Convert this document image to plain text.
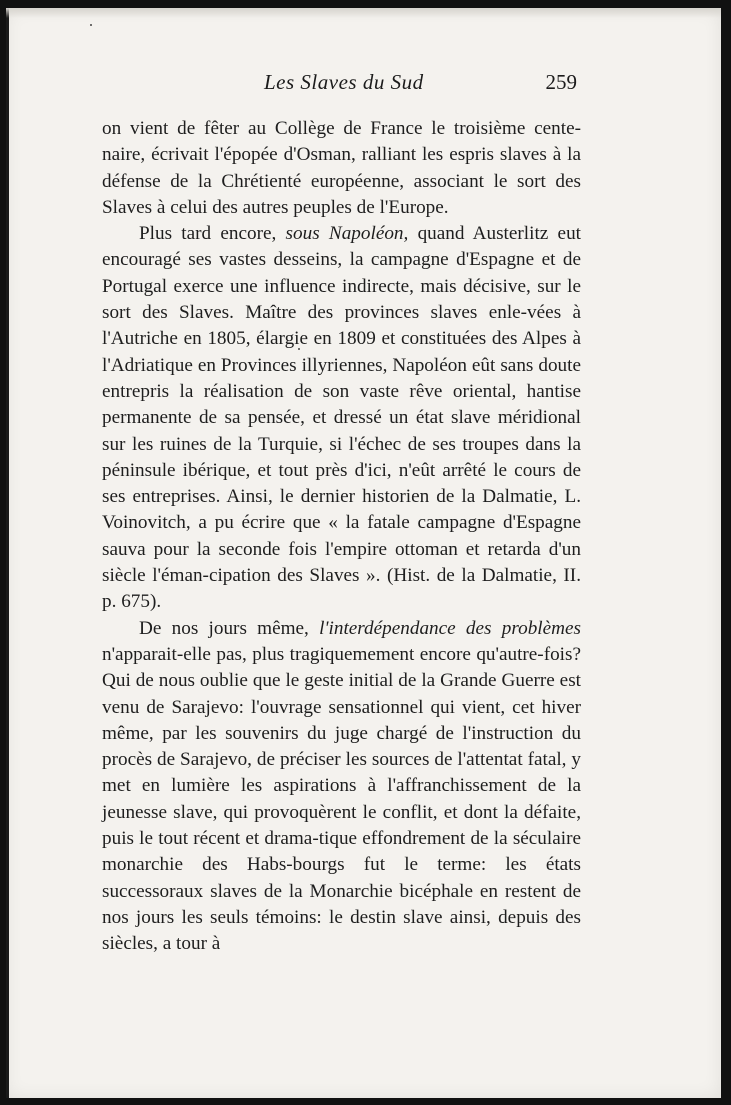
Les Slaves du Sud	259

on vient de fêter au Collège de France le troisième cente-naire, écrivait l'épopée d'Osman, ralliant les espris slaves à la défense de la Chrétienté européenne, associant le sort des Slaves à celui des autres peuples de l'Europe.

Plus tard encore, sous Napoléon, quand Austerlitz eut encouragé ses vastes desseins, la campagne d'Espagne et de Portugal exerce une influence indirecte, mais décisive, sur le sort des Slaves. Maître des provinces slaves enle-vées à l'Autriche en 1805, élargie en 1809 et constituées des Alpes à l'Adriatique en Provinces illyriennes, Napoléon eût sans doute entrepris la réalisation de son vaste rêve oriental, hantise permanente de sa pensée, et dressé un état slave méridional sur les ruines de la Turquie, si l'échec de ses troupes dans la péninsule ibérique, et tout près d'ici, n'eût arrêté le cours de ses entreprises. Ainsi, le dernier historien de la Dalmatie, L. Voinovitch, a pu écrire que « la fatale campagne d'Espagne sauva pour la seconde fois l'empire ottoman et retarda d'un siècle l'éman-cipation des Slaves ». (Hist. de la Dalmatie, II. p. 675).

De nos jours même, l'interdépendance des problèmes n'apparait-elle pas, plus tragiquemement encore qu'autre-fois? Qui de nous oublie que le geste initial de la Grande Guerre est venu de Sarajevo: l'ouvrage sensationnel qui vient, cet hiver même, par les souvenirs du juge chargé de l'instruction du procès de Sarajevo, de préciser les sources de l'attentat fatal, y met en lumière les aspirations à l'affranchissement de la jeunesse slave, qui provoquèrent le conflit, et dont la défaite, puis le tout récent et drama-tique effondrement de la séculaire monarchie des Habs-bourgs fut le terme: les états successoraux slaves de la Monarchie bicéphale en restent de nos jours les seuls témoins: le destin slave ainsi, depuis des siècles, a tour à
